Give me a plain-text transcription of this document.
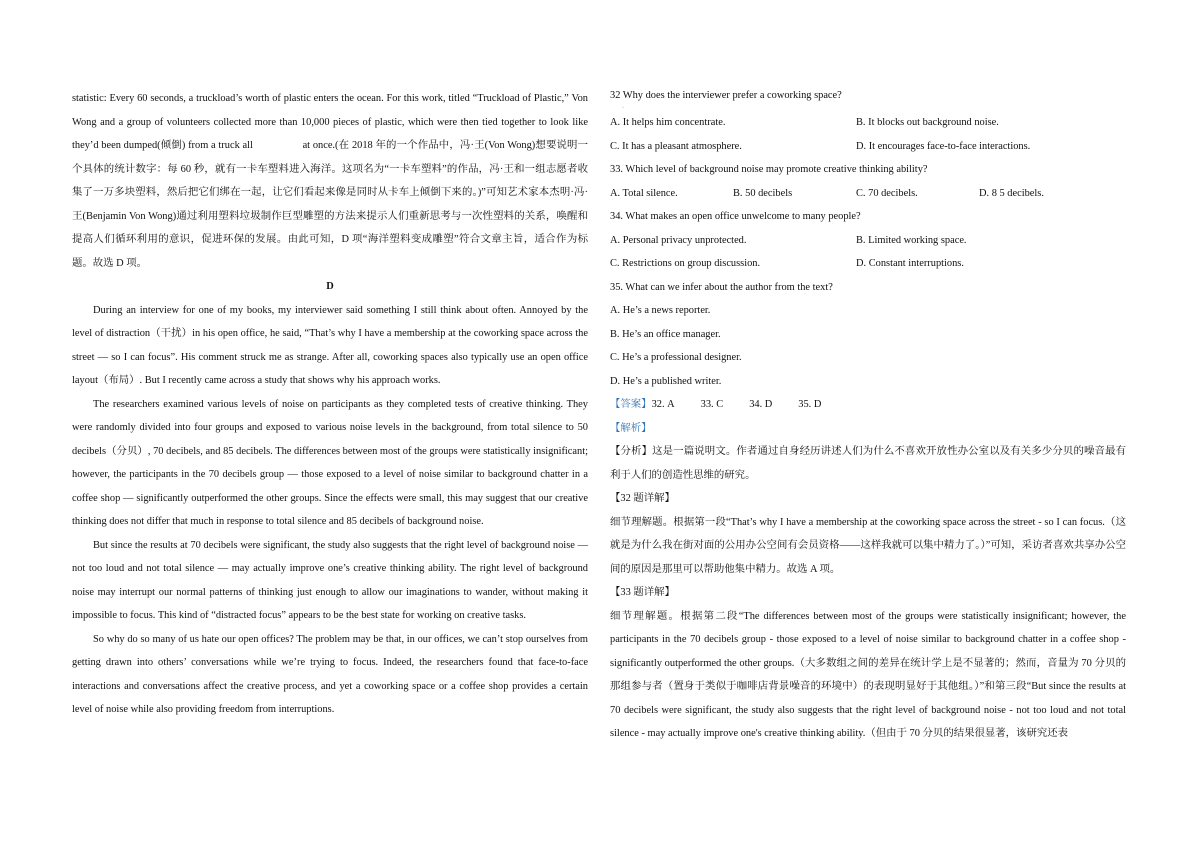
statistic: Every 60 seconds, a truckload’s worth of plastic enters the ocean. For this work, titled “Truckload of Plastic,” Von Wong and a group of volunteers collected more than 10,000 pieces of plastic, which were then tied together to look like they’d been dumped(倾倒) from a truck all                  at once.(在 2018 年的一个作品中，冯·王(Von Wong)想要说明一个具体的统计数字：每 60 秒，就有一卡车塑料进入海洋。这项名为“一卡车塑料”的作品，冯·王和一组志愿者收集了一万多块塑料，然后把它们绑在一起，让它们看起来像是同时从卡车上倾倒下来的。)”可知艺术家本杰明·冯·王(Benjamin Von Wong)通过利用塑料垃圾制作巨型雕塑的方法来提示人们重新思考与一次性塑料的关系，唤醒和提高人们循环利用的意识，促进环保的发展。由此可知，D 项“海洋塑料变成雕塑”符合文章主旨，适合作为标题。故选 D 项。

D

During an interview for one of my books, my interviewer said something I still think about often. Annoyed by the level of distraction（干扰）in his open office, he said, “That’s why I have a membership at the coworking space across the street — so I can focus”. His comment struck me as strange. After all, coworking spaces also typically use an open office layout（布局）. But I recently came across a study that shows why his approach works.

The researchers examined various levels of noise on participants as they completed tests of creative thinking. They were randomly divided into four groups and exposed to various noise levels in the background, from total silence to 50 decibels（分贝）, 70 decibels, and 85 decibels. The differences between most of the groups were statistically insignificant; however, the participants in the 70 decibels group — those exposed to a level of noise similar to background chatter in a coffee shop — significantly outperformed the other groups. Since the effects were small, this may suggest that our creative thinking does not differ that much in response to total silence and 85 decibels of background noise.

But since the results at 70 decibels were significant, the study also suggests that the right level of background noise — not too loud and not total silence — may actually improve one’s creative thinking ability. The right level of background noise may interrupt our normal patterns of thinking just enough to allow our imaginations to wander, without making it impossible to focus. This kind of “distracted focus” appears to be the best state for working on creative tasks.

So why do so many of us hate our open offices? The problem may be that, in our offices, we can’t stop ourselves from getting drawn into others’ conversations while we’re trying to focus. Indeed, the researchers found that face-to-face interactions and conversations affect the creative process, and yet a coworking space or a coffee shop provides a certain level of noise while also providing freedom from interruptions.

32 Why does the interviewer prefer a coworking space?

·
A. It helps him concentrate.	B. It blocks out background noise.
C. It has a pleasant atmosphere.	D. It encourages face-to-face interactions.

33. Which level of background noise may promote creative thinking ability?

A. Total silence.	B. 50 decibels	C. 70 decibels.	D. 8 5 decibels.

34. What makes an open office unwelcome to many people?

A. Personal privacy unprotected.	B. Limited working space.
C. Restrictions on group discussion.	D. Constant interruptions.

35. What can we infer about the author from the text?

A. He’s a news reporter.
B. He’s an office manager.
C. He’s a professional designer.
D. He’s a published writer.

【答案】32. A	33. C	34. D	35. D

【解析】

【分析】这是一篇说明文。作者通过自身经历讲述人们为什么不喜欢开放性办公室以及有关多少分贝的噪音最有利于人们的创造性思维的研究。

【32 题详解】

细节理解题。根据第一段“That’s why I have a membership at the coworking space across the street - so I can focus.（这就是为什么我在街对面的公用办公空间有会员资格——这样我就可以集中精力了。）”可知，采访者喜欢共享办公空间的原因是那里可以帮助他集中精力。故选 A 项。

【33 题详解】

细节理解题。根据第二段“The differences between most of the groups were statistically insignificant; however, the participants in the 70 decibels group - those exposed to a level of noise similar to background chatter in a coffee shop - significantly outperformed the other groups.（大多数组之间的差异在统计学上是不显著的；然而，音量为 70 分贝的那组参与者（置身于类似于咖啡店背景噪音的环境中）的表现明显好于其他组。）”和第三段“But since the results at 70 decibels were significant, the study also suggests that the right level of background noise - not too loud and not total silence - may actually improve one's creative thinking ability.（但由于 70 分贝的结果很显著，该研究还表
